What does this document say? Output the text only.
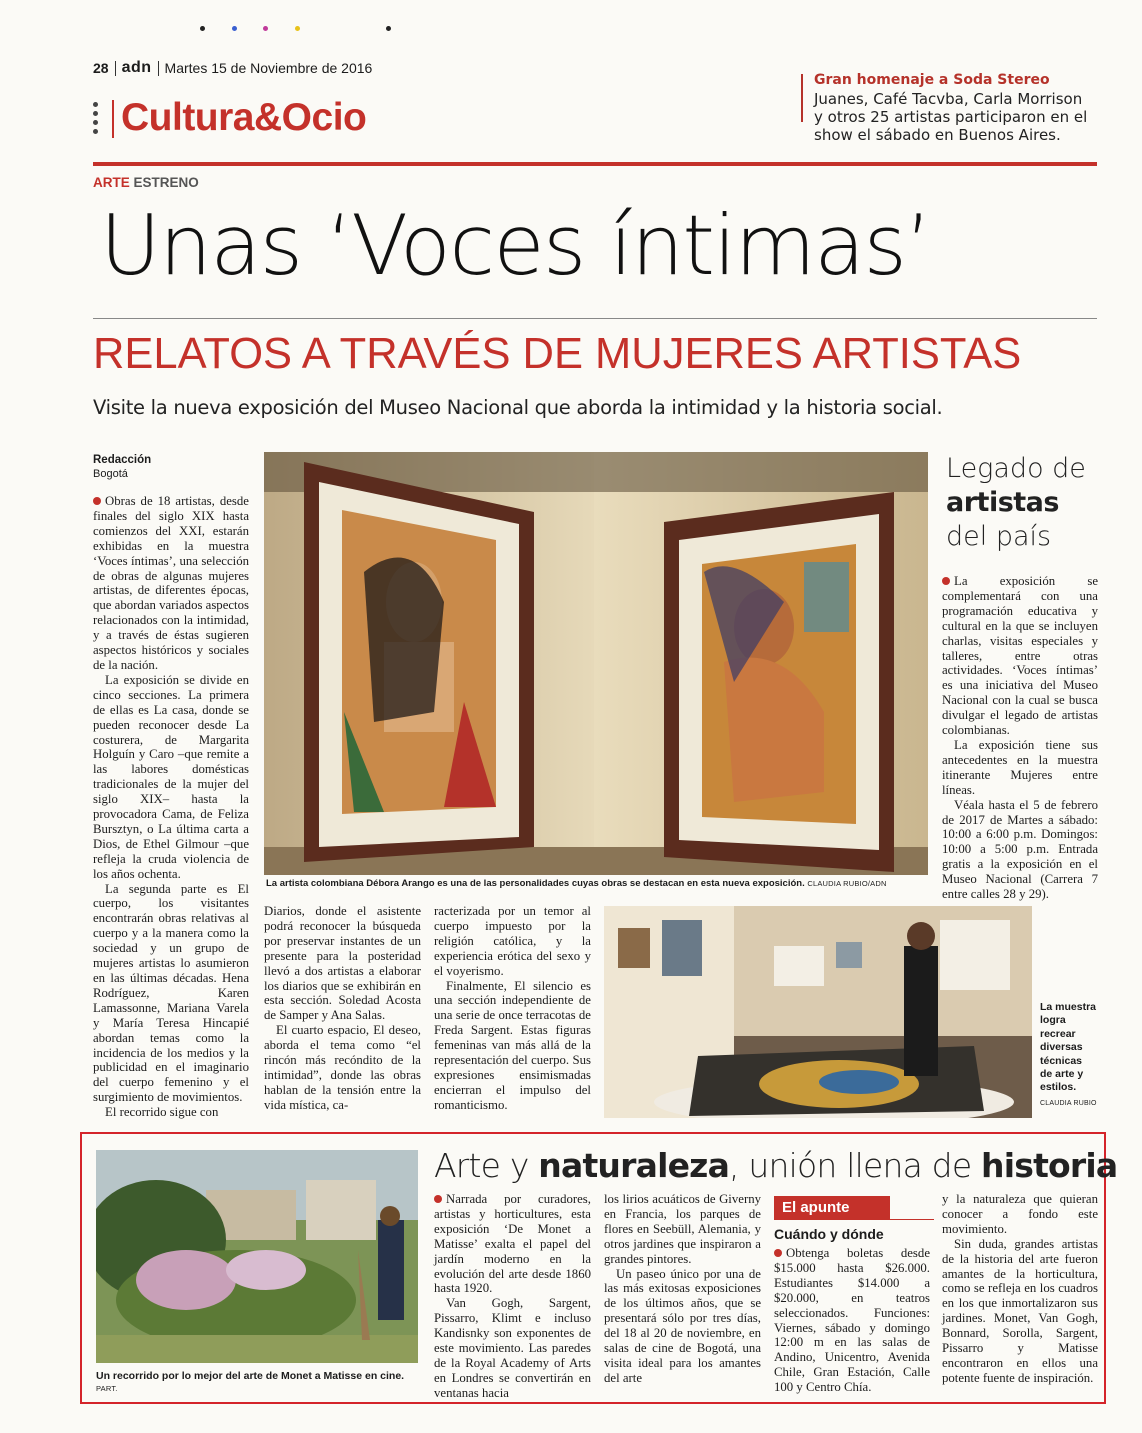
28 adn Martes 15 de Noviembre de 2016
Cultura&Ocio
Gran homenaje a Soda Stereo
Juanes, Café Tacvba, Carla Morrison
y otros 25 artistas participaron en el
show el sábado en Buenos Aires.
ARTE ESTRENO
Unas ‘Voces íntimas’
RELATOS A TRAVÉS DE MUJERES ARTISTAS
Visite la nueva exposición del Museo Nacional que aborda la intimidad y la historia social.
Redacción
Bogotá

Obras de 18 artistas, desde finales del siglo XIX hasta comienzos del XXI, estarán exhibidas en la muestra ‘Voces íntimas’, una selección de obras de algunas mujeres artistas, de diferentes épocas, que abordan variados aspectos relacionados con la intimidad, y a través de éstas sugieren aspectos históricos y sociales de la nación.

La exposición se divide en cinco secciones. La primera de ellas es La casa, donde se pueden reconocer desde La costurera, de Margarita Holguín y Caro –que remite a las labores domésticas tradicionales de la mujer del siglo XIX– hasta la provocadora Cama, de Feliza Bursztyn, o La última carta a Dios, de Ethel Gilmour –que refleja la cruda violencia de los años ochenta.

La segunda parte es El cuerpo, los visitantes encontrarán obras relativas al cuerpo y a la manera como la sociedad y un grupo de mujeres artistas lo asumieron en las últimas décadas. Hena Rodríguez, Karen Lamassonne, Mariana Varela y María Teresa Hincapié abordan temas como la incidencia de los medios y la publicidad en el imaginario del cuerpo femenino y el surgimiento de movimientos.

El recorrido sigue con

La artista colombiana Débora Arango es una de las personalidades cuyas obras se destacan en esta nueva exposición. CLAUDIA RUBIO/ADN
Legado de
artistas
del país

La exposición se complementará con una programación educativa y cultural en la que se incluyen charlas, visitas especiales y talleres, entre otras actividades. ‘Voces íntimas’ es una iniciativa del Museo Nacional con la cual se busca divulgar el legado de artistas colombianas.

La exposición tiene sus antecedentes en la muestra itinerante Mujeres entre líneas.

Véala hasta el 5 de febrero de 2017 de Martes a sábado: 10:00 a 6:00 p.m. Domingos: 10:00 a 5:00 p.m. Entrada gratis a la exposición en el Museo Nacional (Carrera 7 entre calles 28 y 29).

Diarios, donde el asistente podrá reconocer la búsqueda por preservar instantes de un presente para la posteridad llevó a dos artistas a elaborar los diarios que se exhibirán en esta sección. Soledad Acosta de Samper y Ana Salas.

El cuarto espacio, El deseo, aborda el tema como “el rincón más recóndito de la intimidad”, donde las obras hablan de la tensión entre la vida mística, ca-

racterizada por un temor al cuerpo impuesto por la religión católica, y la experiencia erótica del sexo y el voyerismo.

Finalmente, El silencio es una sección independiente de una serie de once terracotas de Freda Sargent. Estas figuras femeninas van más allá de la representación del cuerpo. Sus expresiones ensimismadas encierran el impulso del romanticismo.

La muestra
logra
recrear
diversas
técnicas
de arte y
estilos.
CLAUDIA RUBIO
Un recorrido por lo mejor del arte de Monet a Matisse en cine. PART.
Arte y naturaleza, unión llena de historia

Narrada por curadores, artistas y horticultures, esta exposición ‘De Monet a Matisse’ exalta el papel del jardín moderno en la evolución del arte desde 1860 hasta 1920.

Van Gogh, Sargent, Pissarro, Klimt e incluso Kandisnky son exponentes de este movimiento. Las paredes de la Royal Academy of Arts en Londres se convertirán en ventanas hacia

los lirios acuáticos de Giverny en Francia, los parques de flores en Seebüll, Alemania, y otros jardines que inspiraron a grandes pintores.

Un paseo único por una de las más exitosas exposiciones de los últimos años, que se presentará sólo por tres días, del 18 al 20 de noviembre, en salas de cine de Bogotá, una visita ideal para los amantes del arte

El apunte
Cuándo y dónde

Obtenga boletas desde $15.000 hasta $26.000. Estudiantes $14.000 a $20.000, en teatros seleccionados. Funciones: Viernes, sábado y domingo 12:00 m en las salas de Andino, Unicentro, Avenida Chile, Gran Estación, Calle 100 y Centro Chía.

y la naturaleza que quieran conocer a fondo este movimiento.

Sin duda, grandes artistas de la historia del arte fueron amantes de la horticultura, como se refleja en los cuadros en los que inmortalizaron sus jardines. Monet, Van Gogh, Bonnard, Sorolla, Sargent, Pissarro y Matisse encontraron en ellos una potente fuente de inspiración.
